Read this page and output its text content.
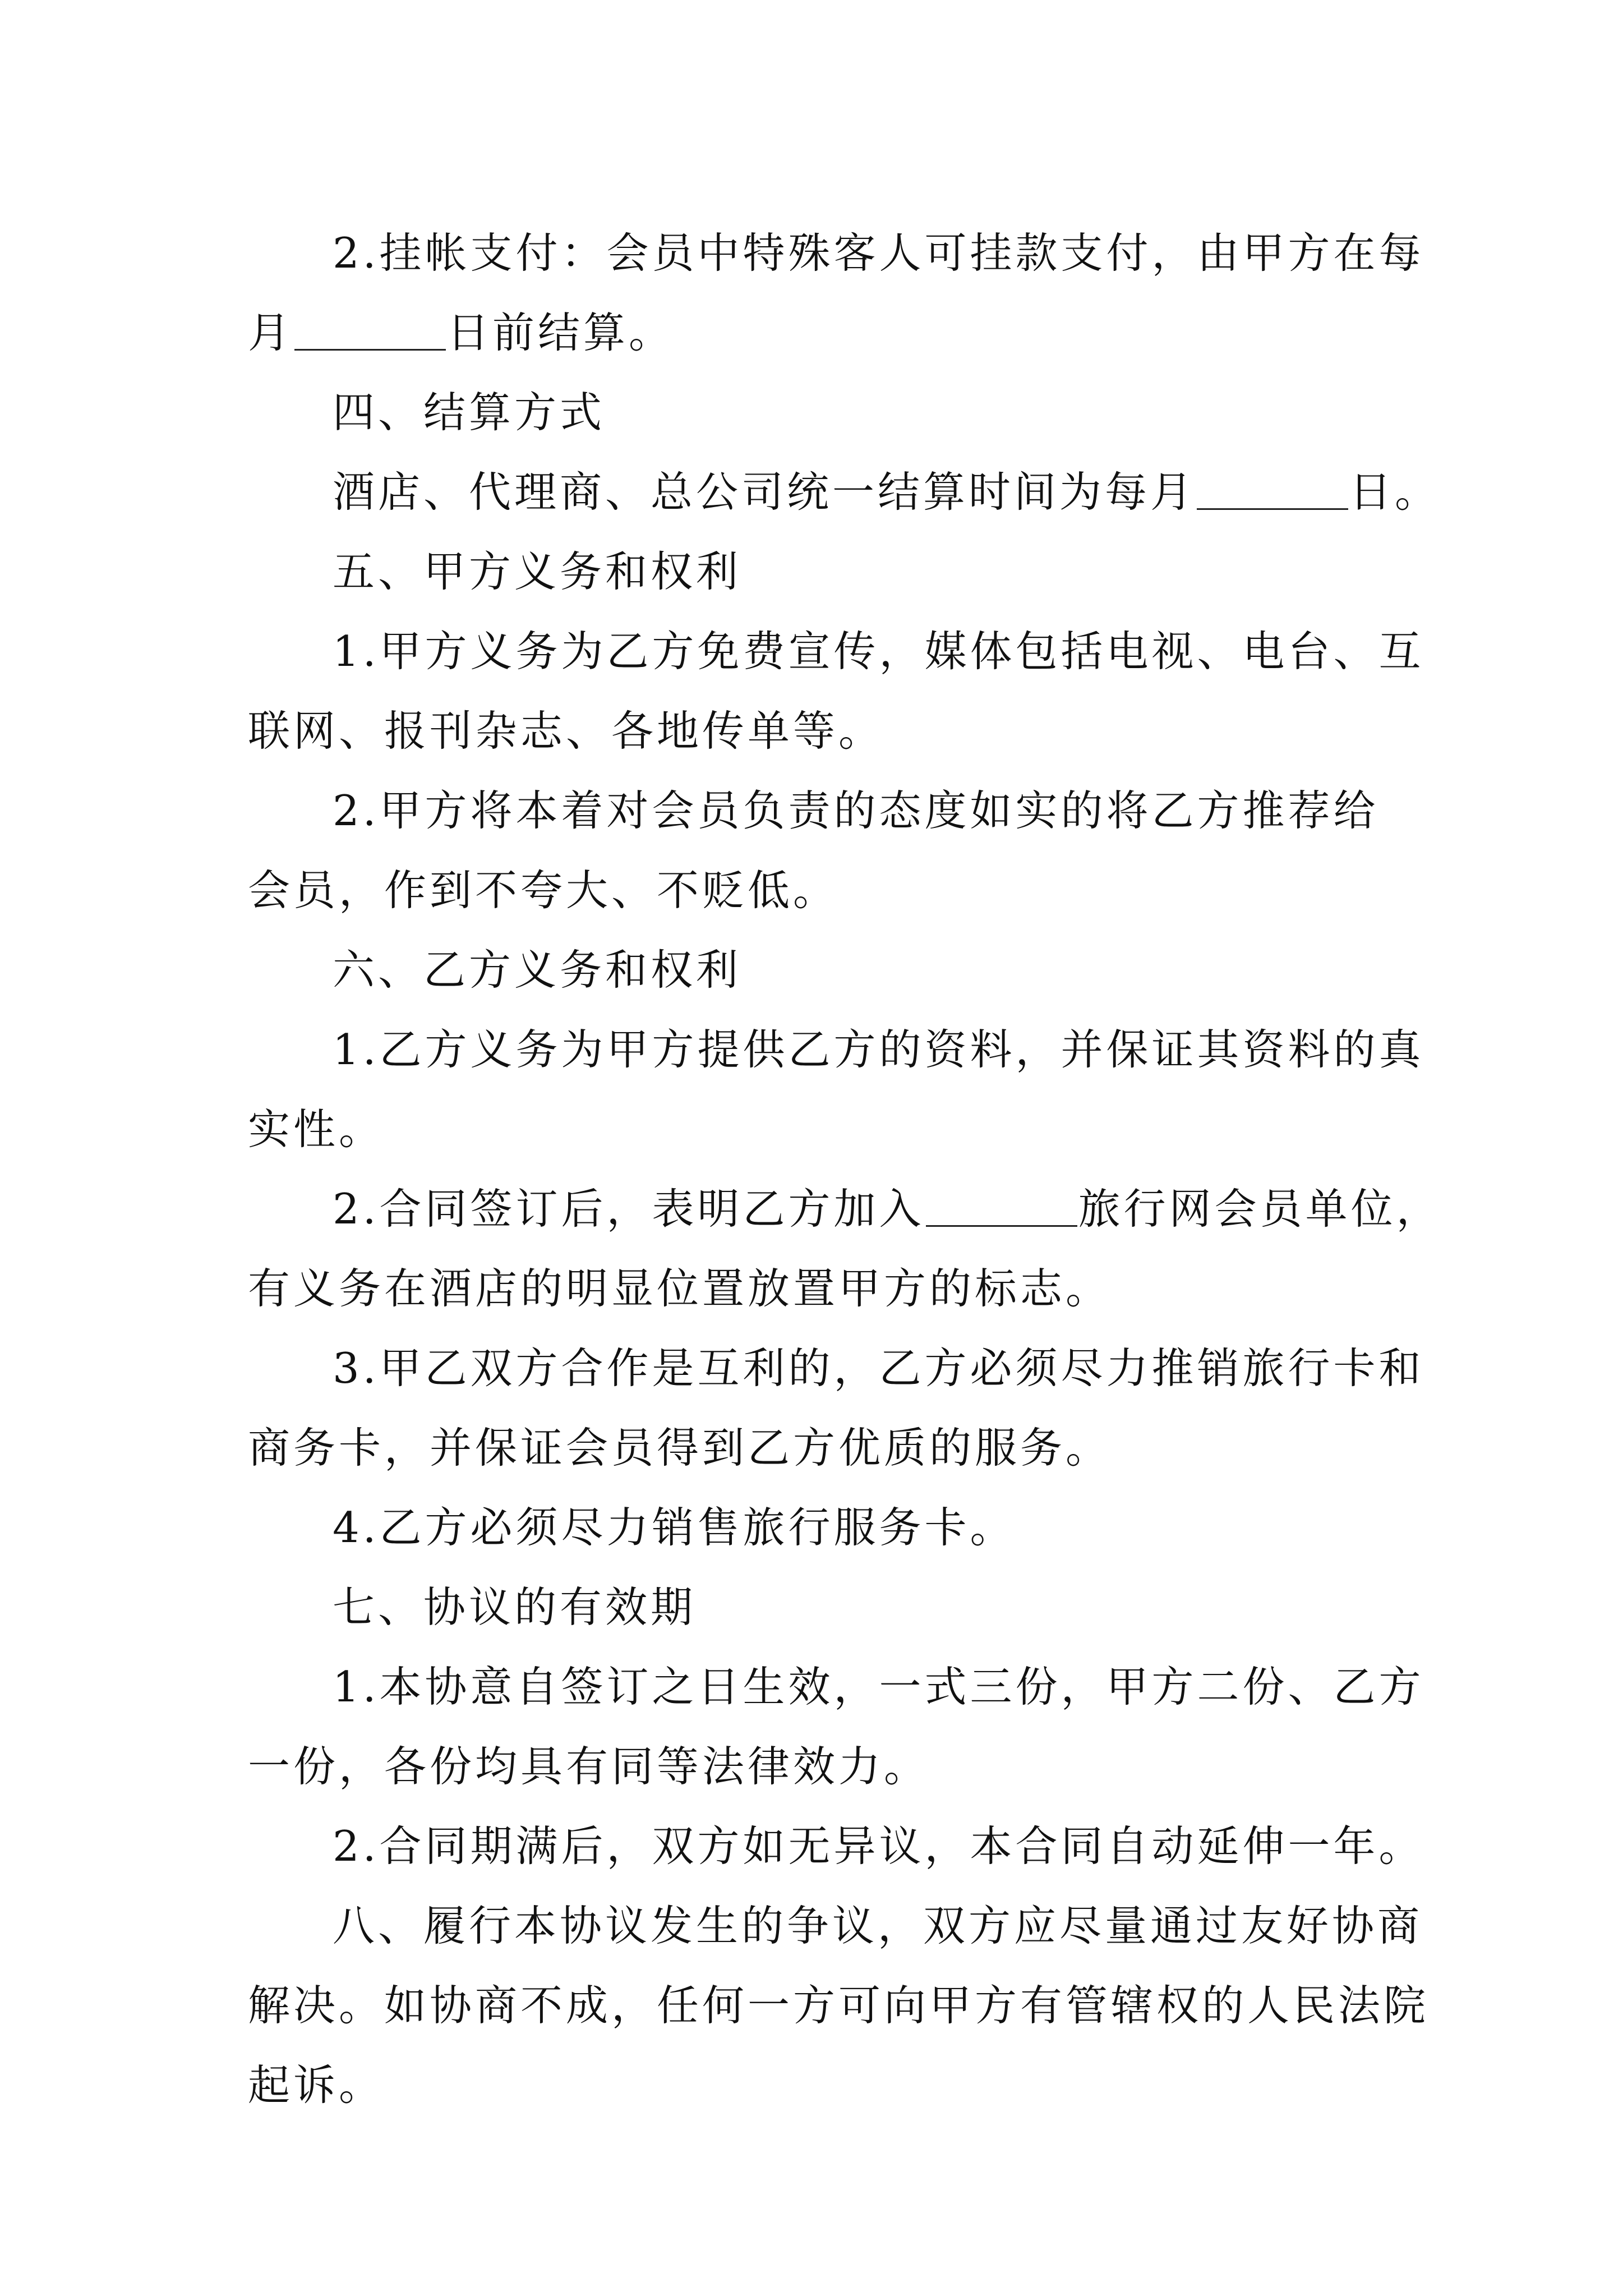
2.挂帐支付：会员中特殊客人可挂款支付，由甲方在每
月	日前结算。
四、结算方式
酒店、代理商、总公司统一结算时间为每月	日。
五、甲方义务和权利
1.甲方义务为乙方免费宣传，媒体包括电视、电台、互
联网、报刊杂志、各地传单等。
2.甲方将本着对会员负责的态度如实的将乙方推荐给
会员，作到不夸大、不贬低。
六、乙方义务和权利
1.乙方义务为甲方提供乙方的资料，并保证其资料的真
实性。
2.合同签订后，表明乙方加入	旅行网会员单位，
有义务在酒店的明显位置放置甲方的标志。
3.甲乙双方合作是互利的，乙方必须尽力推销旅行卡和
商务卡，并保证会员得到乙方优质的服务。
4.乙方必须尽力销售旅行服务卡。
七、协议的有效期
1.本协意自签订之日生效，一式三份，甲方二份、乙方
一份，各份均具有同等法律效力。
2.合同期满后，双方如无异议，本合同自动延伸一年。
八、履行本协议发生的争议，双方应尽量通过友好协商
解决。如协商不成，任何一方可向甲方有管辖权的人民法院
起诉。
